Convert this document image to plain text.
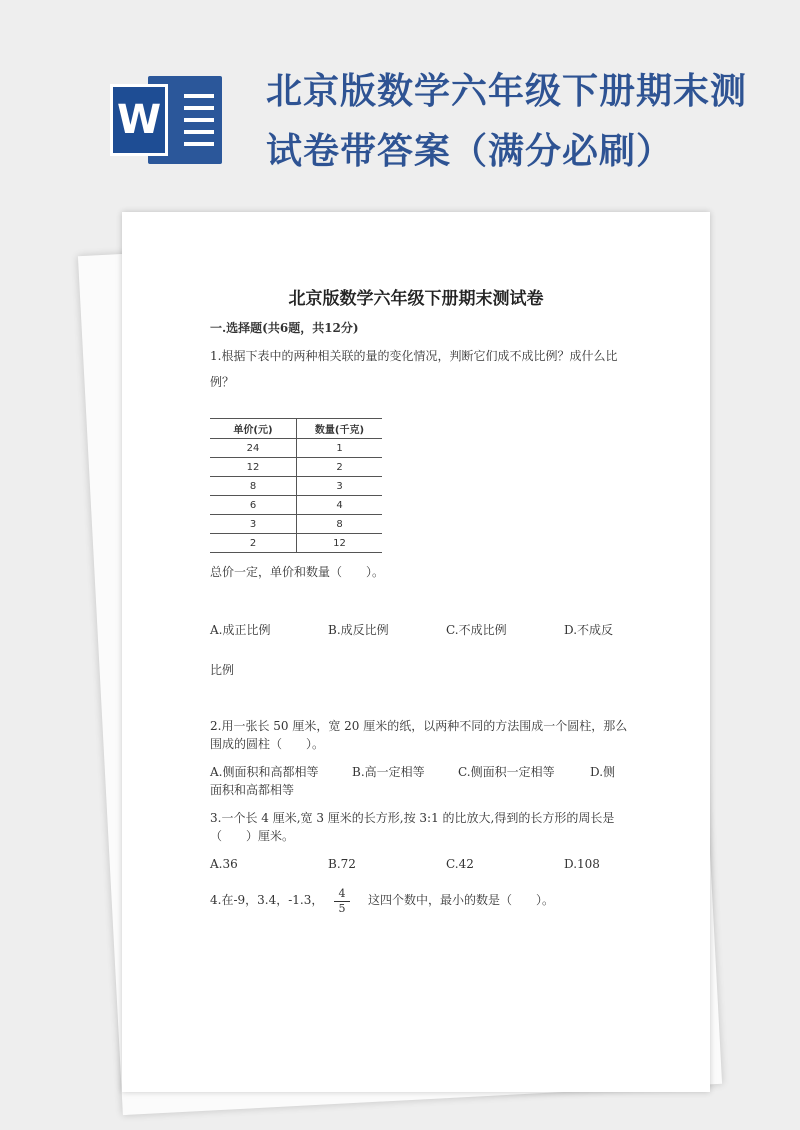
W
北京版数学六年级下册期末测
试卷带答案（满分必刷）
北京版数学六年级下册期末测试卷
一.选择题(共6题，共12分)
1.根据下表中的两种相关联的量的变化情况，判断它们成不成比例？成什么比
例？
单价(元)	数量(千克)
24	1
12	2
8	3
6	4
3	8
2	12
总价一定，单价和数量（　　）。
A.成正比例	B.成反比例	C.不成比例	D.不成反
比例
2.用一张长 50 厘米，宽 20 厘米的纸，以两种不同的方法围成一个圆柱，那么
围成的圆柱（　　）。
A.侧面积和高都相等	B.高一定相等	C.侧面积一定相等	D.侧
面积和高都相等
3.一个长 4 厘米,宽 3 厘米的长方形,按 3:1 的比放大,得到的长方形的周长是
（　　）厘米。
A.36	B.72	C.42	D.108
4.在-9，3.4，-1.3， $\frac{4}{5}$ 这四个数中，最小的数是（　　）。
